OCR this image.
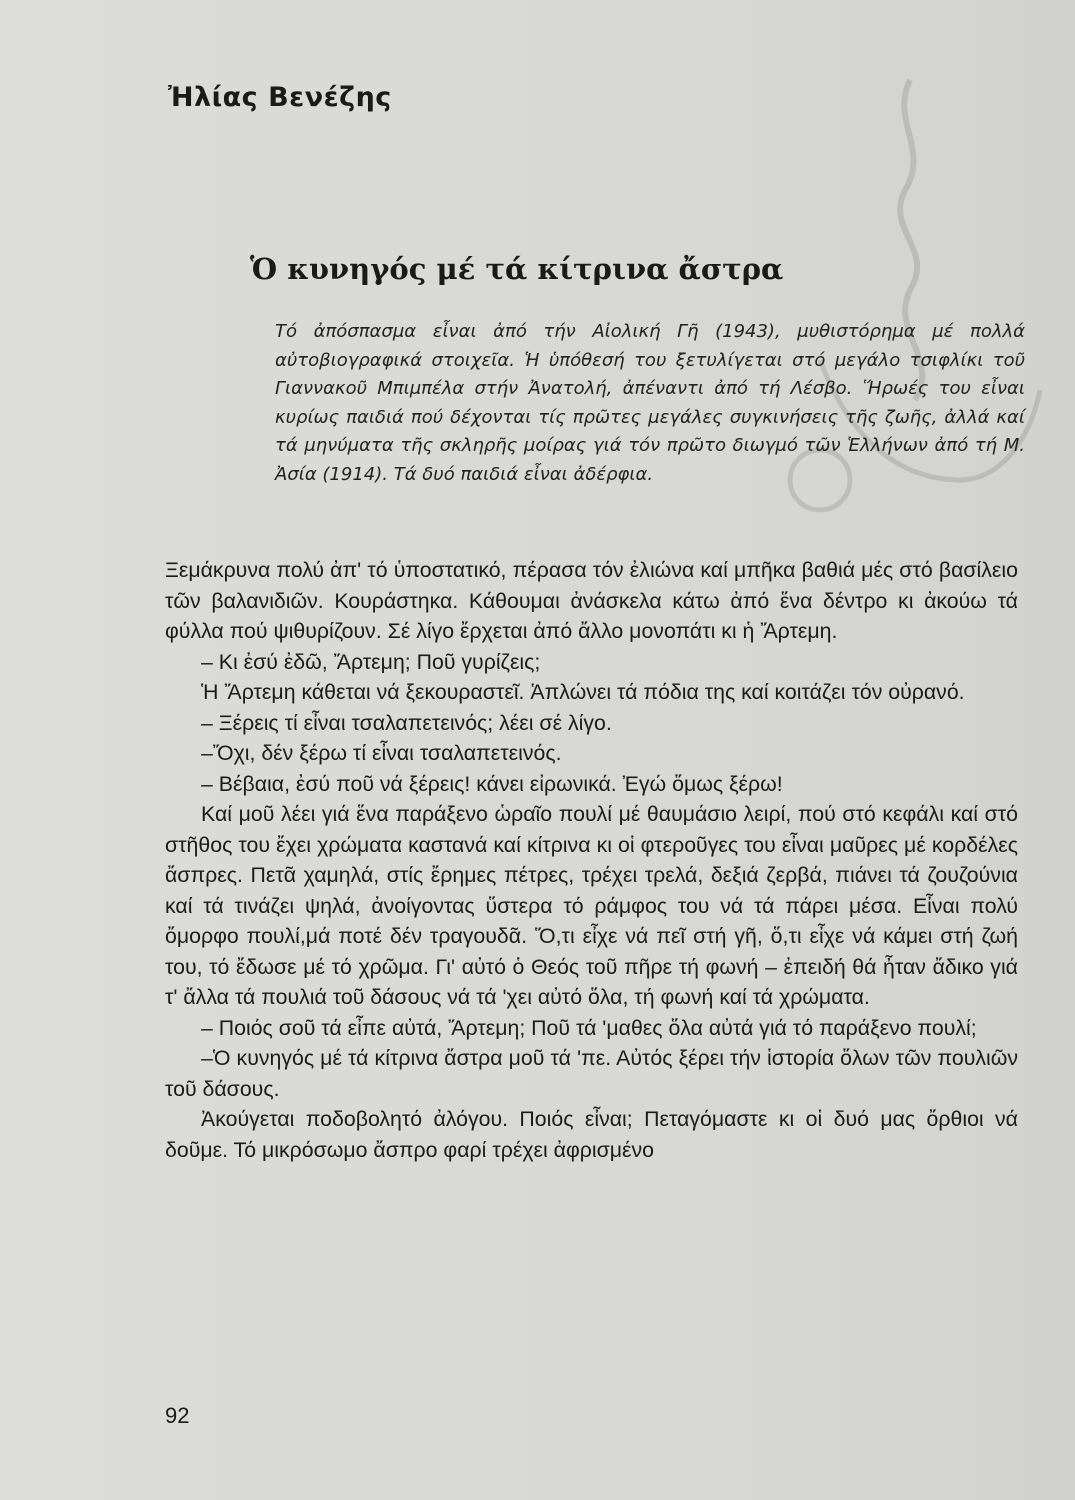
Ἠλίας Βενέζης
Ὁ κυνηγός μέ τά κίτρινα ἄστρα
Τό ἀπόσπασμα εἶναι ἀπό τήν Αἰολική Γῆ (1943), μυθιστόρημα μέ πολλά αὐτοβιογραφικά στοιχεῖα. Ἡ ὑπόθεσή του ξετυλίγεται στό μεγάλο τσιφλίκι τοῦ Γιαννακοῦ Μπιμπέλα στήν Ἀνατολή, ἀπέναντι ἀπό τή Λέσβο. Ἥρωές του εἶναι κυρίως παιδιά πού δέχονται τίς πρῶτες μεγάλες συγκινήσεις τῆς ζωῆς, ἀλλά καί τά μηνύματα τῆς σκληρῆς μοίρας γιά τόν πρῶτο διωγμό τῶν Ἑλλήνων ἀπό τή Μ. Ἀσία (1914). Τά δυό παιδιά εἶναι ἀδέρφια.

Ξεμάκρυνα πολύ ἀπ' τό ὑποστατικό, πέρασα τόν ἐλιώνα καί μπῆκα βαθιά μές στό βασίλειο τῶν βαλανιδιῶν. Κουράστηκα. Κάθουμαι ἀνάσκελα κάτω ἀπό ἕνα δέντρο κι ἀκούω τά φύλλα πού ψιθυρίζουν. Σέ λίγο ἔρχεται ἀπό ἄλλο μονοπάτι κι ἡ Ἄρτεμη.

– Κι ἐσύ ἐδῶ, Ἄρτεμη; Ποῦ γυρίζεις;

Ἡ Ἄρτεμη κάθεται νά ξεκουραστεῖ. Ἁπλώνει τά πόδια της καί κοιτάζει τόν οὐρανό.

– Ξέρεις τί εἶναι τσαλαπετεινός; λέει σέ λίγο.

–Ὄχι, δέν ξέρω τί εἶναι τσαλαπετεινός.

– Βέβαια, ἐσύ ποῦ νά ξέρεις! κάνει εἰρωνικά. Ἐγώ ὅμως ξέρω!

Καί μοῦ λέει γιά ἕνα παράξενο ὡραῖο πουλί μέ θαυμάσιο λειρί, πού στό κεφάλι καί στό στῆθος του ἔχει χρώματα καστανά καί κίτρινα κι οἱ φτεροῦγες του εἶναι μαῦρες μέ κορδέλες ἄσπρες. Πετᾶ χαμηλά, στίς ἔρημες πέτρες, τρέχει τρελά, δεξιά ζερβά, πιάνει τά ζουζούνια καί τά τινάζει ψηλά, ἀνοίγοντας ὕστερα τό ράμφος του νά τά πάρει μέσα. Εἶναι πολύ ὄμορφο πουλί,μά ποτέ δέν τραγουδᾶ. Ὅ,τι εἶχε νά πεῖ στή γῆ, ὅ,τι εἶχε νά κάμει στή ζωή του, τό ἔδωσε μέ τό χρῶμα. Γι' αὐτό ὁ Θεός τοῦ πῆρε τή φωνή – ἐπειδή θά ἦταν ἄδικο γιά τ' ἄλλα τά πουλιά τοῦ δάσους νά τά 'χει αὐτό ὅλα, τή φωνή καί τά χρώματα.

– Ποιός σοῦ τά εἶπε αὐτά, Ἄρτεμη; Ποῦ τά 'μαθες ὅλα αὐτά γιά τό παράξενο πουλί;

–Ὁ κυνηγός μέ τά κίτρινα ἄστρα μοῦ τά 'πε. Αὐτός ξέρει τήν ἱστορία ὅλων τῶν πουλιῶν τοῦ δάσους.

Ἀκούγεται ποδοβολητό ἀλόγου. Ποιός εἶναι; Πεταγόμαστε κι οἱ δυό μας ὄρθιοι νά δοῦμε. Τό μικρόσωμο ἄσπρο φαρί τρέχει ἀφρισμένο

92
